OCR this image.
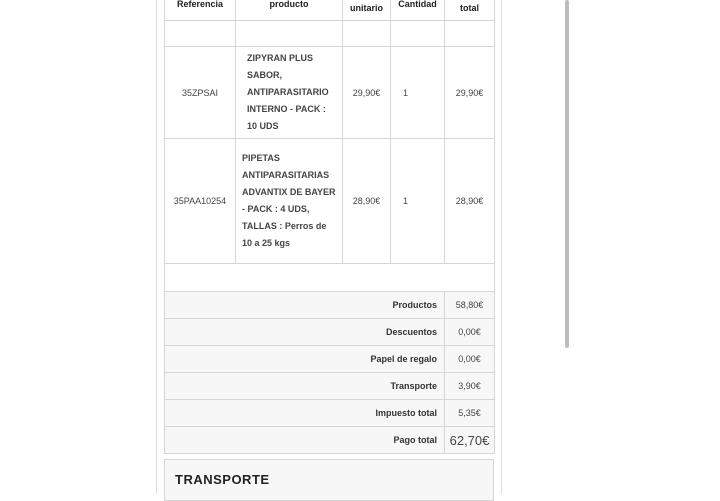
Referencia	producto	unitario	Cantidad	total

35ZPSAI	ZIPYRAN PLUS SABOR, ANTIPARASITARIO INTERNO - PACK : 10 UDS	29,90€	1	29,90€
35PAA10254	PIPETAS ANTIPARASITARIAS ADVANTIX DE BAYER - PACK : 4 UDS, TALLAS : Perros de 10 a 25 kgs	28,90€	1	28,90€

Productos				58,80€
Descuentos				0,00€
Papel de regalo				0,00€
Transporte				3,90€
Impuesto total				5,35€
Pago total				62,70€
TRANSPORTE
